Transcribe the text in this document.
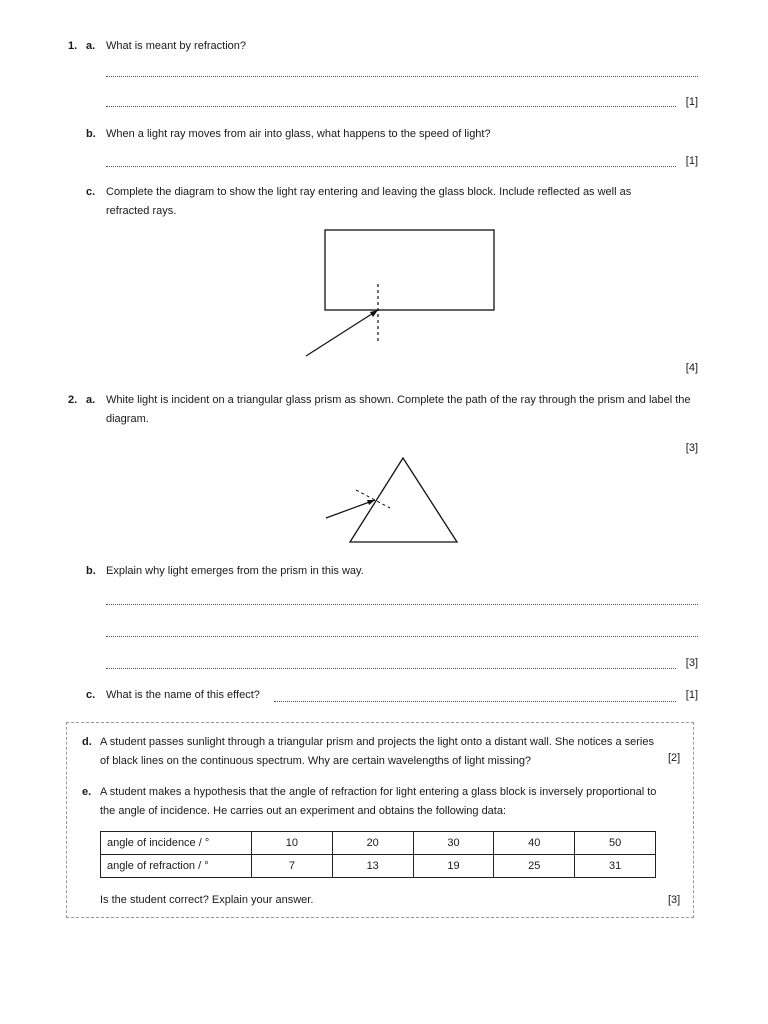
1. a. What is meant by refraction?
[1]
b. When a light ray moves from air into glass, what happens to the speed of light?
[1]
c. Complete the diagram to show the light ray entering and leaving the glass block. Include reflected as well as refracted rays.
[4]
2. a. White light is incident on a triangular glass prism as shown. Complete the path of the ray through the prism and label the diagram.
[3]
b. Explain why light emerges from the prism in this way.
[3]
c. What is the name of this effect?	[1]
d. A student passes sunlight through a triangular prism and projects the light onto a distant wall. She notices a series of black lines on the continuous spectrum. Why are certain wavelengths of light missing?	[2]
e. A student makes a hypothesis that the angle of refraction for light entering a glass block is inversely proportional to the angle of incidence. He carries out an experiment and obtains the following data:
angle of incidence / °	10	20	30	40	50
angle of refraction / °	7	13	19	25	31
Is the student correct? Explain your answer.	[3]
